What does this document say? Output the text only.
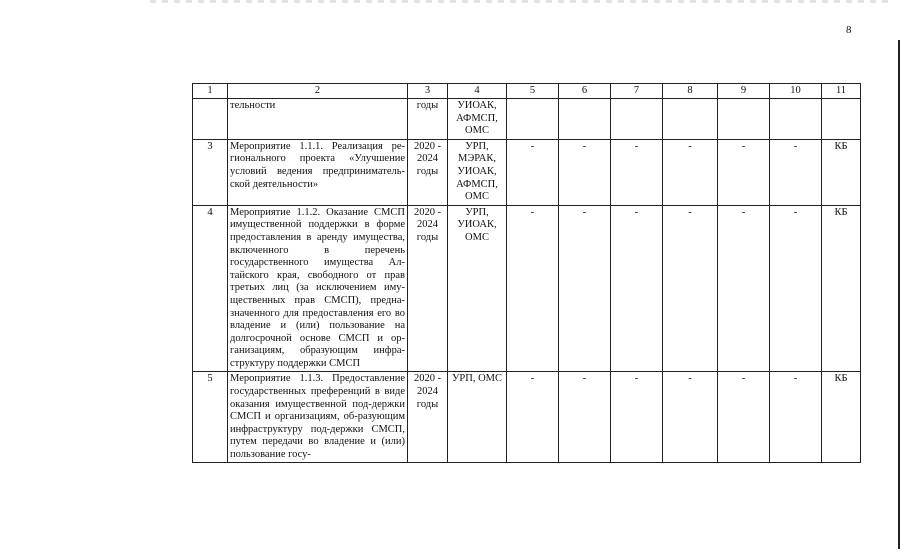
8
1	2	3	4	5	6	7	8	9	10	11
	тельности	годы	УИОАК, АФМСП, ОМС							
3	Мероприятие 1.1.1. Реализация ре-гионального проекта «Улучшение условий ведения предприниматель-ской деятельности»	2020 - 2024 годы	УРП, МЭРАК, УИОАК, АФМСП, ОМС	-	-	-	-	-	-	КБ
4	Мероприятие 1.1.2. Оказание СМСП имущественной поддержки в форме предоставления в аренду имущества, включенного в перечень государственного имущества Ал-тайского края, свободного от прав третьих лиц (за исключением иму-щественных прав СМСП), предна-значенного для предоставления его во владение и (или) пользование на долгосрочной основе СМСП и ор-ганизациям, образующим инфра-структуру поддержки СМСП	2020 - 2024 годы	УРП, УИОАК, ОМС	-	-	-	-	-	-	КБ
5	Мероприятие 1.1.3. Предоставление государственных преференций в виде оказания имущественной под-держки СМСП и организациям, об-разующим инфраструктуру под-держки СМСП, путем передачи во владение и (или) пользование госу-	2020 - 2024 годы	УРП, ОМС	-	-	-	-	-	-	КБ
